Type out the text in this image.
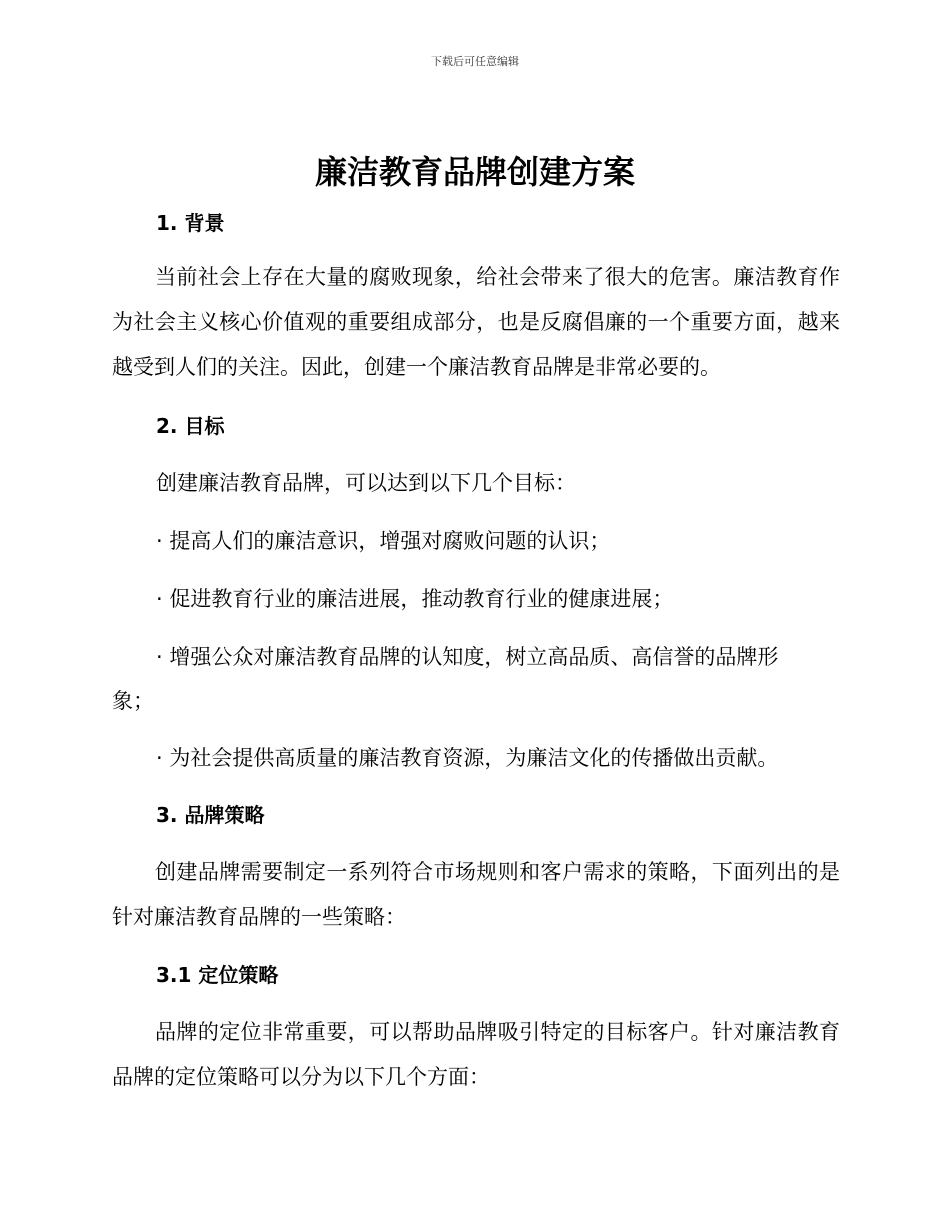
下载后可任意编辑
廉洁教育品牌创建方案
1. 背景

当前社会上存在大量的腐败现象，给社会带来了很大的危害。廉洁教育作为社会主义核心价值观的重要组成部分，也是反腐倡廉的一个重要方面，越来越受到人们的关注。因此，创建一个廉洁教育品牌是非常必要的。

2. 目标

创建廉洁教育品牌，可以达到以下几个目标：

· 提高人们的廉洁意识，增强对腐败问题的认识；

· 促进教育行业的廉洁进展，推动教育行业的健康进展；

· 增强公众对廉洁教育品牌的认知度，树立高品质、高信誉的品牌形

象；

· 为社会提供高质量的廉洁教育资源，为廉洁文化的传播做出贡献。

3. 品牌策略

创建品牌需要制定一系列符合市场规则和客户需求的策略，下面列出的是针对廉洁教育品牌的一些策略：

3.1 定位策略

品牌的定位非常重要，可以帮助品牌吸引特定的目标客户。针对廉洁教育品牌的定位策略可以分为以下几个方面：
